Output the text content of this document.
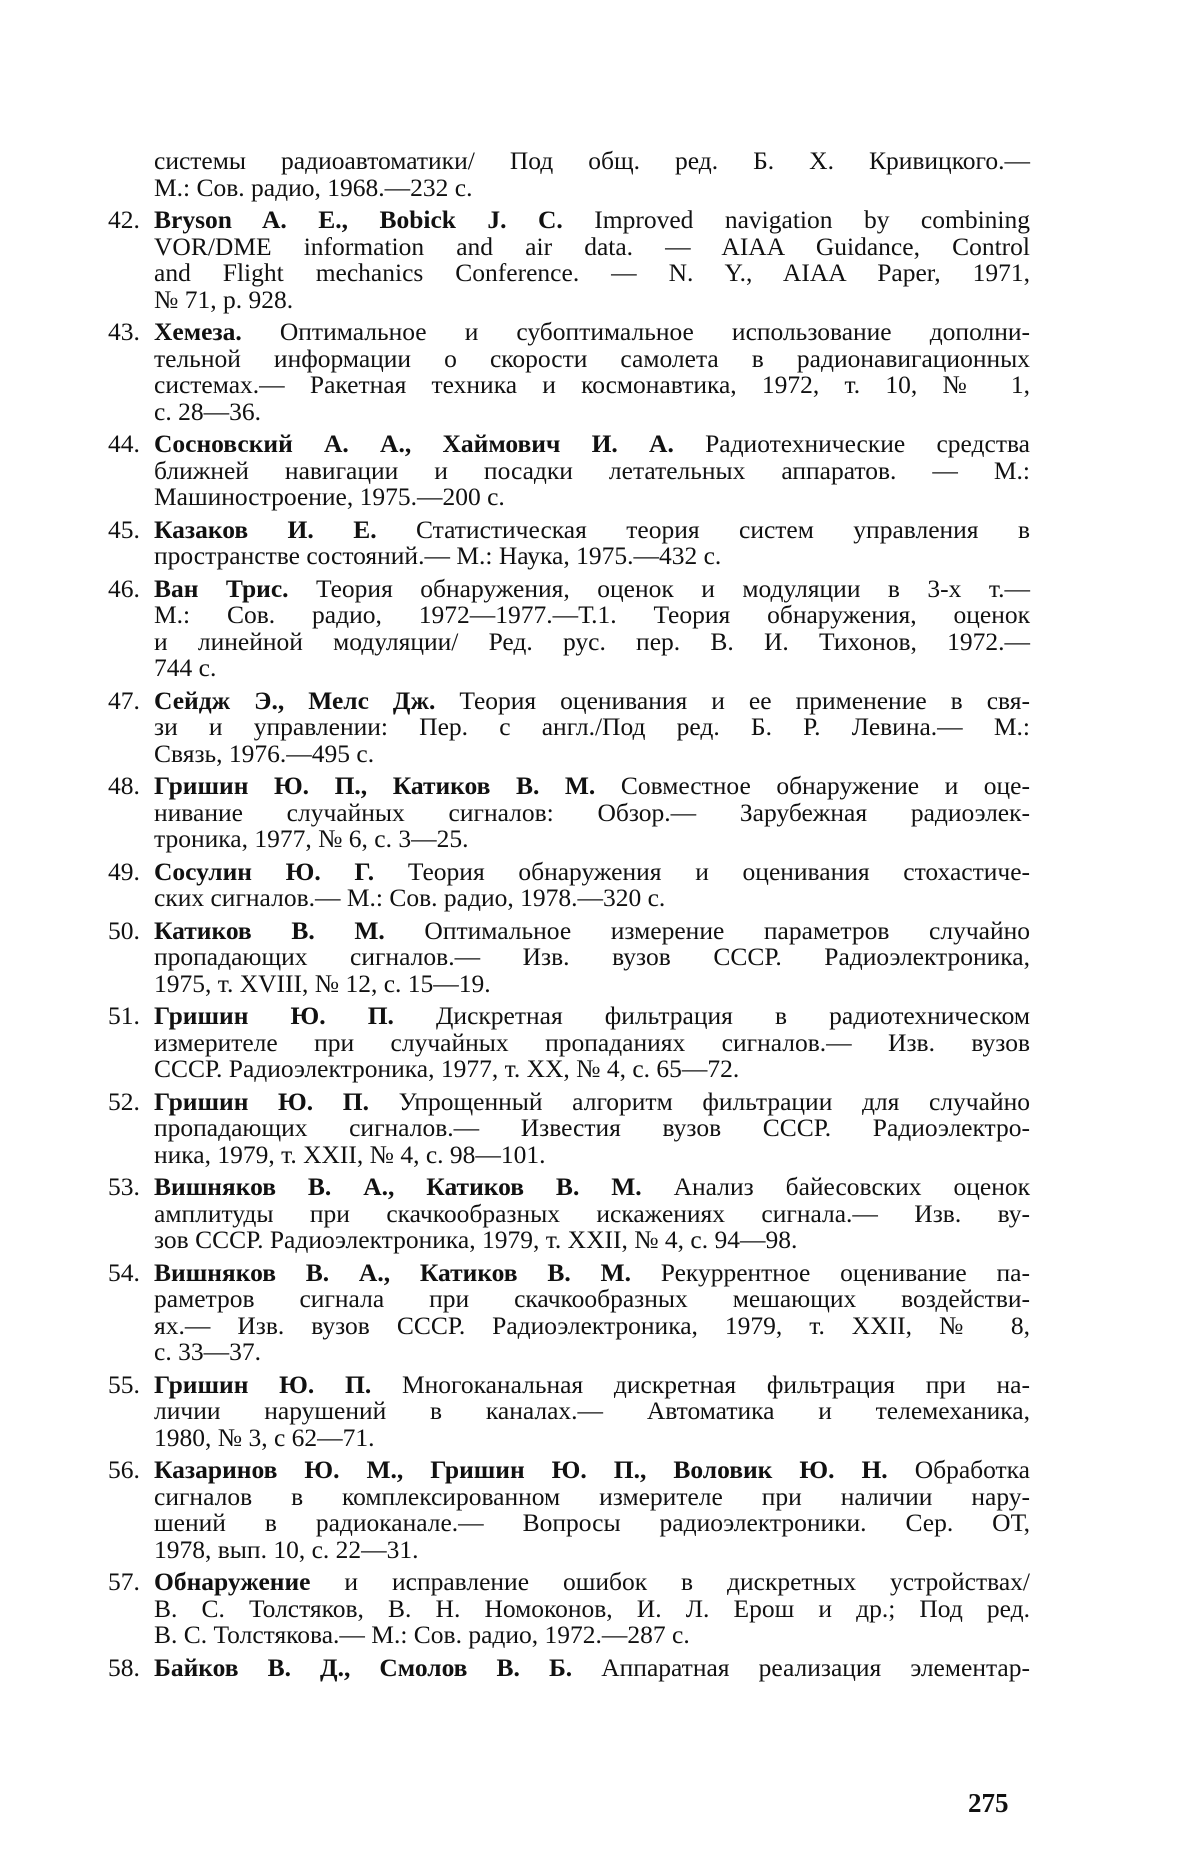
системы радиоавтоматики/ Под общ. ред. Б. Х. Кривицкого.—
М.: Сов. радио, 1968.—232 с.
42. Bryson A. E., Bobick J. C. Improved navigation by combining
VOR/DME information and air data. — AIAA Guidance, Control
and Flight mechanics Conference. — N. Y., AIAA Paper, 1971,
№ 71, p. 928.
43. Хемеза. Оптимальное и субоптимальное использование дополни-
тельной информации о скорости самолета в радионавигационных
системах.— Ракетная техника и космонавтика, 1972, т. 10, № 1,
с. 28—36.
44. Сосновский А. А., Хаймович И. А. Радиотехнические средства
ближней навигации и посадки летательных аппаратов. — М.:
Машиностроение, 1975.—200 с.
45. Казаков И. Е. Статистическая теория систем управления в
пространстве состояний.— М.: Наука, 1975.—432 с.
46. Ван Трис. Теория обнаружения, оценок и модуляции в 3-х т.—
М.: Сов. радио, 1972—1977.—Т.1. Теория обнаружения, оценок
и линейной модуляции/ Ред. рус. пер. В. И. Тихонов, 1972.—
744 с.
47. Сейдж Э., Мелс Дж. Теория оценивания и ее применение в свя-
зи и управлении: Пер. с англ./Под ред. Б. Р. Левина.— М.:
Связь, 1976.—495 с.
48. Гришин Ю. П., Катиков В. М. Совместное обнаружение и оце-
нивание случайных сигналов: Обзор.— Зарубежная радиоэлек-
троника, 1977, № 6, с. 3—25.
49. Сосулин Ю. Г. Теория обнаружения и оценивания стохастиче-
ских сигналов.— М.: Сов. радио, 1978.—320 с.
50. Катиков В. М. Оптимальное измерение параметров случайно
пропадающих сигналов.— Изв. вузов СССР. Радиоэлектроника,
1975, т. XVIII, № 12, с. 15—19.
51. Гришин Ю. П. Дискретная фильтрация в радиотехническом
измерителе при случайных пропаданиях сигналов.— Изв. вузов
СССР. Радиоэлектроника, 1977, т. XX, № 4, с. 65—72.
52. Гришин Ю. П. Упрощенный алгоритм фильтрации для случайно
пропадающих сигналов.— Известия вузов СССР. Радиоэлектро-
ника, 1979, т. XXII, № 4, с. 98—101.
53. Вишняков В. А., Катиков В. М. Анализ байесовских оценок
амплитуды при скачкообразных искажениях сигнала.— Изв. ву-
зов СССР. Радиоэлектроника, 1979, т. XXII, № 4, с. 94—98.
54. Вишняков В. А., Катиков В. М. Рекуррентное оценивание па-
раметров сигнала при скачкообразных мешающих воздействи-
ях.— Изв. вузов СССР. Радиоэлектроника, 1979, т. XXII, № 8,
с. 33—37.
55. Гришин Ю. П. Многоканальная дискретная фильтрация при на-
личии нарушений в каналах.— Автоматика и телемеханика,
1980, № 3, с 62—71.
56. Казаринов Ю. М., Гришин Ю. П., Воловик Ю. Н. Обработка
сигналов в комплексированном измерителе при наличии нару-
шений в радиоканале.— Вопросы радиоэлектроники. Сер. ОТ,
1978, вып. 10, с. 22—31.
57. Обнаружение и исправление ошибок в дискретных устройствах/
В. С. Толстяков, В. Н. Номоконов, И. Л. Ерош и др.; Под ред.
В. С. Толстякова.— М.: Сов. радио, 1972.—287 с.
58. Байков В. Д., Смолов В. Б. Аппаратная реализация элементар-
275
